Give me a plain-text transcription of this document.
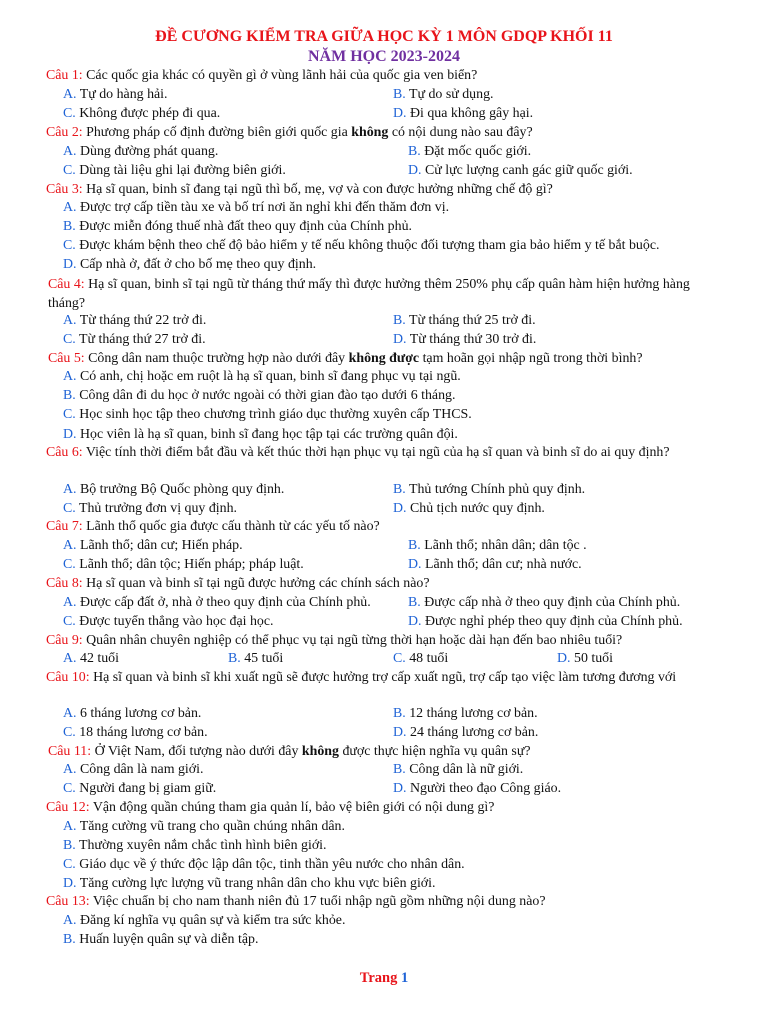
ĐỀ CƯƠNG KIỂM TRA GIỮA HỌC KỲ 1 MÔN GDQP KHỐI 11
NĂM HỌC 2023-2024
Câu 1: Các quốc gia khác có quyền gì ở vùng lãnh hải của quốc gia ven biển?
A. Tự do hàng hải.	B. Tự do sử dụng.
C. Không được phép đi qua.	D. Đi qua không gây hại.
Câu 2: Phương pháp cố định đường biên giới quốc gia không có nội dung nào sau đây?
A. Dùng đường phát quang.	B. Đặt mốc quốc giới.
C. Dùng tài liệu ghi lại đường biên giới.	D. Cử lực lượng canh gác giữ quốc giới.
Câu 3: Hạ sĩ quan, binh sĩ đang tại ngũ thì bố, mẹ, vợ và con được hưởng những chế độ gì?
A. Được trợ cấp tiền tàu xe và bố trí nơi ăn nghỉ khi đến thăm đơn vị.
B. Được miễn đóng thuế nhà đất theo quy định của Chính phủ.
C. Được khám bệnh theo chế độ bảo hiểm y tế nếu không thuộc đối tượng tham gia bảo hiểm y tế bắt buộc.
D. Cấp nhà ở, đất ở cho bố mẹ theo quy định.
Câu 4: Hạ sĩ quan, binh sĩ tại ngũ từ tháng thứ mấy thì được hưởng thêm 250% phụ cấp quân hàm hiện hưởng hàng tháng?
A. Từ tháng thứ 22 trở đi.	B. Từ tháng thứ 25 trở đi.
C. Từ tháng thứ 27 trở đi.	D. Từ tháng thứ 30 trở đi.
Câu 5: Công dân nam thuộc trường hợp nào dưới đây không được tạm hoãn gọi nhập ngũ trong thời bình?
A. Có anh, chị hoặc em ruột là hạ sĩ quan, binh sĩ đang phục vụ tại ngũ.
B. Công dân đi du học ở nước ngoài có thời gian đào tạo dưới 6 tháng.
C. Học sinh học tập theo chương trình giáo dục thường xuyên cấp THCS.
D. Học viên là hạ sĩ quan, binh sĩ đang học tập tại các trường quân đội.
Câu 6: Việc tính thời điểm bắt đầu và kết thúc thời hạn phục vụ tại ngũ của hạ sĩ quan và binh sĩ do ai quy định?
A. Bộ trưởng Bộ Quốc phòng quy định.	B. Thủ tướng Chính phủ quy định.
C. Thủ trưởng đơn vị quy định.	D. Chủ tịch nước quy định.
Câu 7: Lãnh thổ quốc gia được cấu thành từ các yếu tố nào?
A. Lãnh thổ; dân cư; Hiến pháp.	B. Lãnh thổ; nhân dân; dân tộc .
C. Lãnh thổ; dân tộc; Hiến pháp; pháp luật.	D. Lãnh thổ; dân cư; nhà nước.
Câu 8: Hạ sĩ quan và binh sĩ tại ngũ được hưởng các chính sách nào?
A. Được cấp đất ở, nhà ở theo quy định của Chính phủ.	B. Được cấp nhà ở theo quy định của Chính phủ.
C. Được tuyển thẳng vào học đại học.	D. Được nghỉ phép theo quy định của Chính phủ.
Câu 9: Quân nhân chuyên nghiệp có thể phục vụ tại ngũ từng thời hạn hoặc dài hạn đến bao nhiêu tuổi?
A. 42 tuổi	B. 45 tuổi	C. 48 tuổi	D. 50 tuổi
Câu 10: Hạ sĩ quan và binh sĩ khi xuất ngũ sẽ được hưởng trợ cấp xuất ngũ, trợ cấp tạo việc làm tương đương với
A. 6 tháng lương cơ bản.	B. 12 tháng lương cơ bản.
C. 18 tháng lương cơ bản.	D. 24 tháng lương cơ bản.
Câu 11: Ở Việt Nam, đối tượng nào dưới đây không được thực hiện nghĩa vụ quân sự?
A. Công dân là nam giới.	B. Công dân là nữ giới.
C. Người đang bị giam giữ.	D. Người theo đạo Công giáo.
Câu 12: Vận động quần chúng tham gia quản lí, bảo vệ biên giới có nội dung gì?
A. Tăng cường vũ trang cho quần chúng nhân dân.
B. Thường xuyên nắm chắc tình hình biên giới.
C. Giáo dục về ý thức độc lập dân tộc, tinh thần yêu nước cho nhân dân.
D. Tăng cường lực lượng vũ trang nhân dân cho khu vực biên giới.
Câu 13: Việc chuẩn bị cho nam thanh niên đủ 17 tuổi nhập ngũ gồm những nội dung nào?
A. Đăng kí nghĩa vụ quân sự và kiểm tra sức khỏe.
B. Huấn luyện quân sự và diễn tập.
Trang 1
